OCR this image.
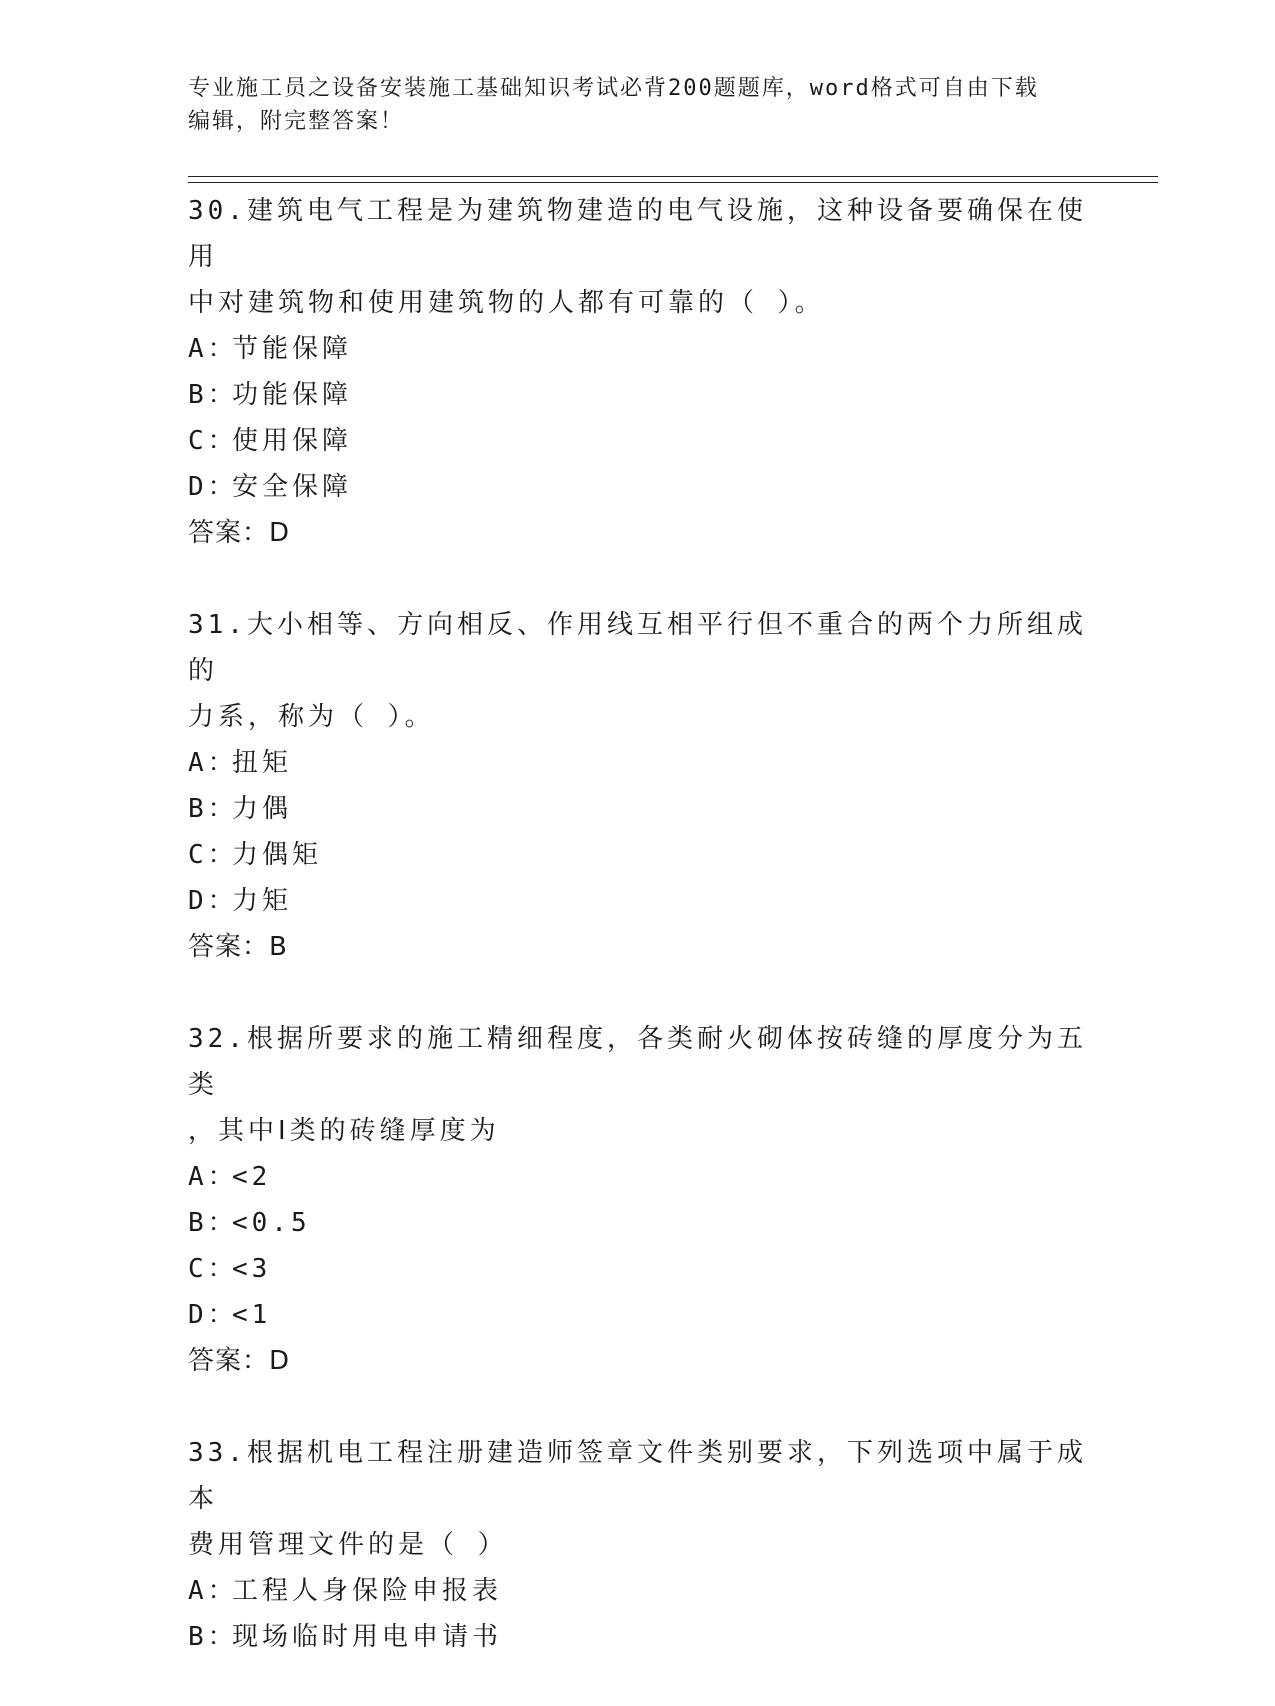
专业施工员之设备安装施工基础知识考试必背200题题库，word格式可自由下载
编辑，附完整答案！

30.建筑电气工程是为建筑物建造的电气设施，这种设备要确保在使用

中对建筑物和使用建筑物的人都有可靠的（ ）。

A：节能保障

B：功能保障

C：使用保障

D：安全保障

答案：D

31.大小相等、方向相反、作用线互相平行但不重合的两个力所组成的

力系，称为（ ）。

A：扭矩

B：力偶

C：力偶矩

D：力矩

答案：B

32.根据所要求的施工精细程度，各类耐火砌体按砖缝的厚度分为五类

，其中Ⅰ类的砖缝厚度为

A：<2

B：<0.5

C：<3

D：<1

答案：D

33.根据机电工程注册建造师签章文件类别要求，下列选项中属于成本

费用管理文件的是（ ）

A：工程人身保险申报表

B：现场临时用电申请书
